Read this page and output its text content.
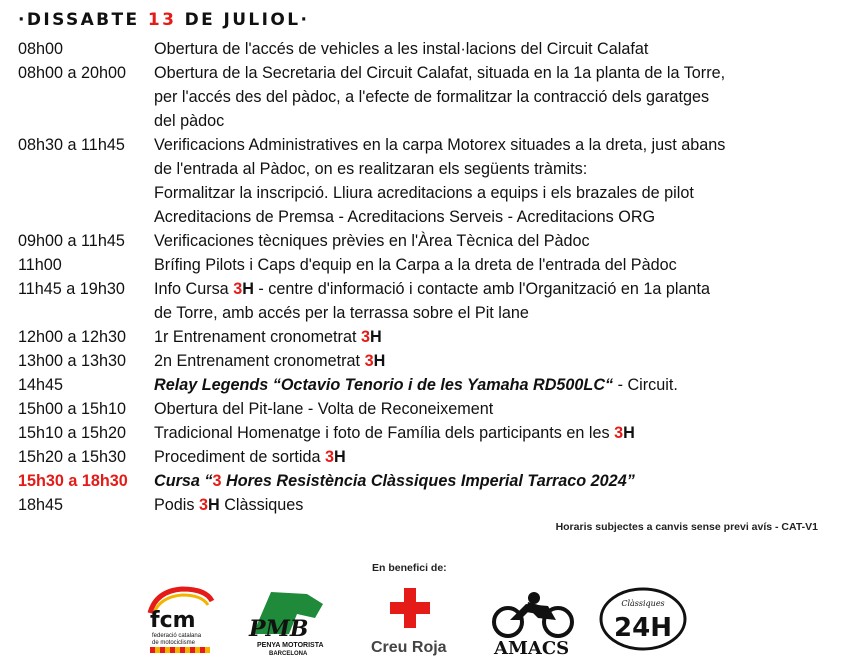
·DISSABTE 13 DE JULIOL·
08h00	Obertura de l'accés de vehicles a les instal·lacions del Circuit Calafat
08h00 a 20h00	Obertura de la Secretaria del Circuit Calafat, situada en la 1a planta de la Torre,
per l'accés des del pàdoc, a l'efecte de formalitzar la contracció dels garatges
del pàdoc
08h30 a 11h45	Verificacions Administratives en la carpa Motorex situades a la dreta, just abans
de l'entrada al Pàdoc, on es realitzaran els següents tràmits:
Formalitzar la inscripció. Lliura acreditacions a equips i els brazales de pilot
Acreditacions de Premsa - Acreditacions Serveis - Acreditacions ORG
09h00 a 11h45	Verificaciones tècniques prèvies en l'Àrea Tècnica del Pàdoc
11h00	Brífing Pilots i Caps d'equip en la Carpa a la dreta de l'entrada del Pàdoc
11h45 a 19h30	Info Cursa 3H - centre d'informació i contacte amb l'Organització en 1a planta
de Torre, amb accés per la terrassa sobre el Pit lane
12h00 a 12h30	1r Entrenament cronometrat 3H
13h00 a 13h30	2n Entrenament cronometrat 3H
14h45	Relay Legends “Octavio Tenorio i de les Yamaha RD500LC“ - Circuit.
15h00 a 15h10	Obertura del Pit-lane - Volta de Reconeixement
15h10 a 15h20	Tradicional Homenatge i foto de Família dels participants en les 3H
15h20 a 15h30	Procediment de sortida 3H
15h30 a 18h30	Cursa “3 Hores Resistència Clàssiques Imperial Tarraco 2024”
18h45	Podis 3H Clàssiques
Horaris subjectes a canvis sense previ avís - CAT-V1
En benefici de:
fcm
federació catalana
de motociclisme
PMB
PENYA MOTORISTA
BARCELONA	Creu Roja	AMACS
Clàssiques
24H
